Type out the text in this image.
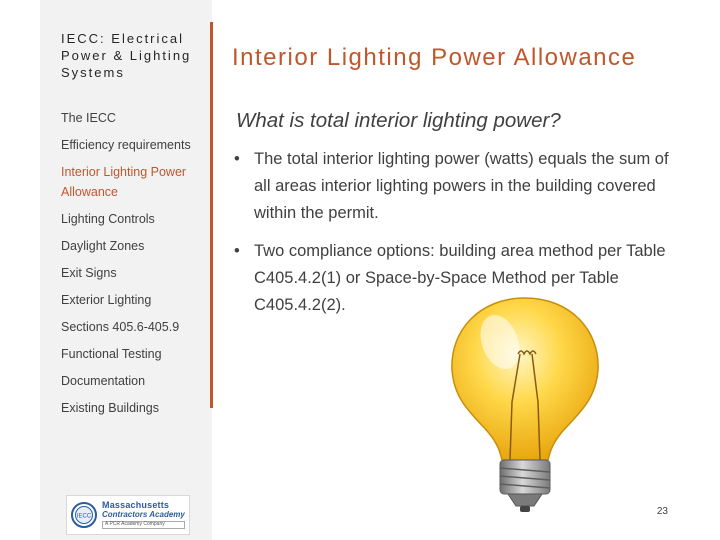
IECC: Electrical Power & Lighting Systems
The IECC
Efficiency requirements
Interior Lighting Power Allowance
Lighting Controls
Daylight Zones
Exit Signs
Exterior Lighting
Sections 405.6-405.9
Functional Testing
Documentation
Existing Buildings
IECC
Massachusetts
Contractors Academy
A PCR Academy Company
Interior Lighting Power Allowance
What is total interior lighting power?
• The total interior lighting power (watts) equals the sum of all areas interior lighting powers in the building covered within the permit.
• Two compliance options: building area method per Table C405.4.2(1) or Space-by-Space Method per Table C405.4.2(2).
23
